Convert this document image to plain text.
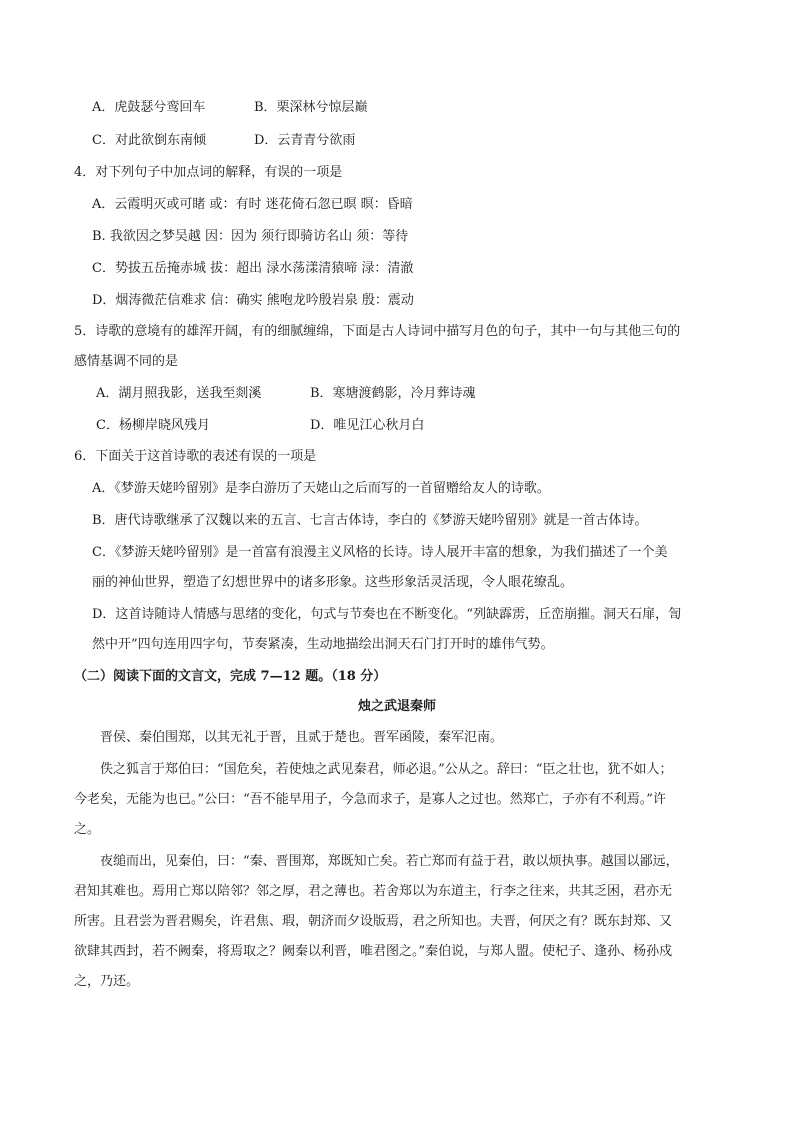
A．虎鼓瑟兮鸾回车	B．栗深林兮惊层巅
C．对此欲倒东南倾	D．云青青兮欲雨
4．对下列句子中加点词的解释，有误的一项是
A．云霞明灭或可睹 或：有时 迷花倚石忽已暝 暝：昏暗
B. 我欲因之梦吴越 因：因为 须行即骑访名山 须：等待
C．势拔五岳掩赤城 拔：超出 渌水荡漾清猿啼 渌：清澈
D．烟涛微茫信难求 信：确实 熊咆龙吟殷岩泉 殷：震动
5．诗歌的意境有的雄浑开阔，有的细腻缠绵，下面是古人诗词中描写月色的句子，其中一句与其他三句的
感情基调不同的是
A．湖月照我影，送我至剡溪	B．寒塘渡鹤影，冷月葬诗魂
C．杨柳岸晓风残月	D．唯见江心秋月白
6．下面关于这首诗歌的表述有误的一项是
A．《梦游天姥吟留别》是李白游历了天姥山之后而写的一首留赠给友人的诗歌。
B．唐代诗歌继承了汉魏以来的五言、七言古体诗，李白的《梦游天姥吟留别》就是一首古体诗。
C．《梦游天姥吟留别》是一首富有浪漫主义风格的长诗。诗人展开丰富的想象，为我们描述了一个美
丽的神仙世界，塑造了幻想世界中的诸多形象。这些形象活灵活现，令人眼花缭乱。
D．这首诗随诗人情感与思绪的变化，句式与节奏也在不断变化。“列缺霹雳，丘峦崩摧。洞天石扉，訇
然中开”四句连用四字句，节奏紧凑，生动地描绘出洞天石门打开时的雄伟气势。
（二）阅读下面的文言文，完成 7—12 题。（18 分）
烛之武退秦师
晋侯、秦伯围郑，以其无礼于晋，且贰于楚也。晋军函陵，秦军氾南。
佚之狐言于郑伯曰：“国危矣，若使烛之武见秦君，师必退。”公从之。辞曰：“臣之壮也，犹不如人；
今老矣，无能为也已。”公曰：“吾不能早用子，今急而求子，是寡人之过也。然郑亡，子亦有不利焉。”许
之。
夜缒而出，见秦伯，曰：“秦、晋围郑，郑既知亡矣。若亡郑而有益于君，敢以烦执事。越国以鄙远，
君知其难也。焉用亡郑以陪邻？邻之厚，君之薄也。若舍郑以为东道主，行李之往来，共其乏困，君亦无
所害。且君尝为晋君赐矣，许君焦、瑕，朝济而夕设版焉，君之所知也。夫晋，何厌之有？既东封郑、又
欲肆其西封，若不阙秦，将焉取之？阙秦以利晋，唯君图之。”秦伯说，与郑人盟。使杞子、逢孙、杨孙戍
之，乃还。
